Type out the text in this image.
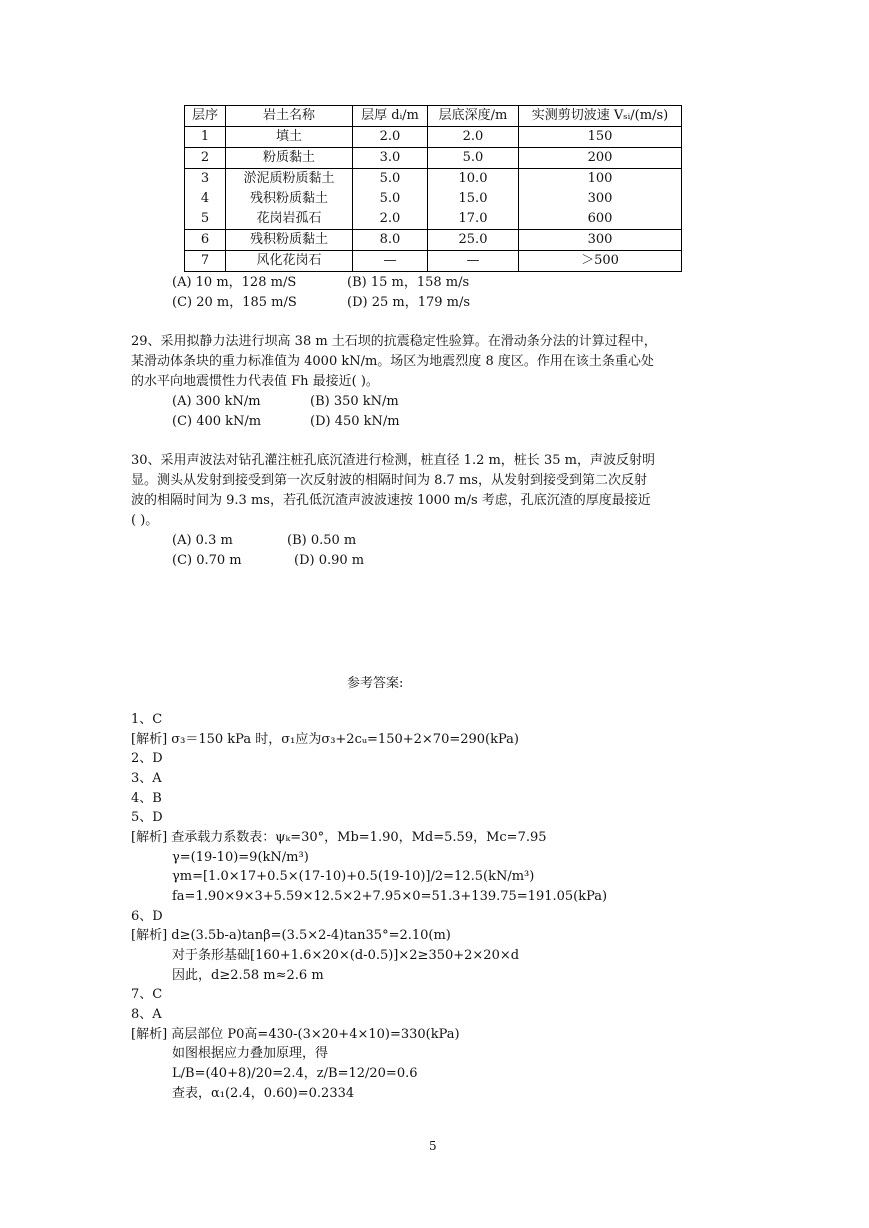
层序	岩土名称	层厚 dᵢ/m	层底深度/m	实测剪切波速 Vₛᵢ/(m/s)
1	填土	2.0	2.0	150
2	粉质黏土	3.0	5.0	200
3	淤泥质粉质黏土	5.0	10.0	100
4	残积粉质黏土	5.0	15.0	300
5	花岗岩孤石	2.0	17.0	600
6	残积粉质黏土	8.0	25.0	300
7	风化花岗石	—	—	＞500
(A) 10 m，128 m/S	(B) 15 m，158 m/s
(C) 20 m，185 m/S	(D) 25 m，179 m/s
29、采用拟静力法进行坝高 38 m 土石坝的抗震稳定性验算。在滑动条分法的计算过程中，
某滑动体条块的重力标准值为 4000 kN/m。场区为地震烈度 8 度区。作用在该土条重心处
的水平向地震惯性力代表值 Fh 最接近( )。
(A) 300 kN/m	(B) 350 kN/m
(C) 400 kN/m	(D) 450 kN/m
30、采用声波法对钻孔灌注桩孔底沉渣进行检测，桩直径 1.2 m，桩长 35 m，声波反射明
显。测头从发射到接受到第一次反射波的相隔时间为 8.7 ms，从发射到接受到第二次反射
波的相隔时间为 9.3 ms，若孔低沉渣声波波速按 1000 m/s 考虑，孔底沉渣的厚度最接近
( )。
(A) 0.3 m	(B) 0.50 m
(C) 0.70 m	(D) 0.90 m
参考答案:
1、C
[解析] σ₃＝150 kPa 时，σ₁应为σ₃+2cᵤ=150+2×70=290(kPa)
2、D
3、A
4、B
5、D
[解析] 查承载力系数表：ψₖ=30°，Mb=1.90，Md=5.59，Mc=7.95
γ=(19-10)=9(kN/m³)
γm=[1.0×17+0.5×(17-10)+0.5(19-10)]/2=12.5(kN/m³)
fa=1.90×9×3+5.59×12.5×2+7.95×0=51.3+139.75=191.05(kPa)
6、D
[解析] d≥(3.5b-a)tanβ=(3.5×2-4)tan35°=2.10(m)
对于条形基础[160+1.6×20×(d-0.5)]×2≥350+2×20×d
因此，d≥2.58 m≈2.6 m
7、C
8、A
[解析] 高层部位 P0高=430-(3×20+4×10)=330(kPa)
如图根据应力叠加原理，得
L/B=(40+8)/20=2.4，z/B=12/20=0.6
查表，α₁(2.4，0.60)=0.2334
5
